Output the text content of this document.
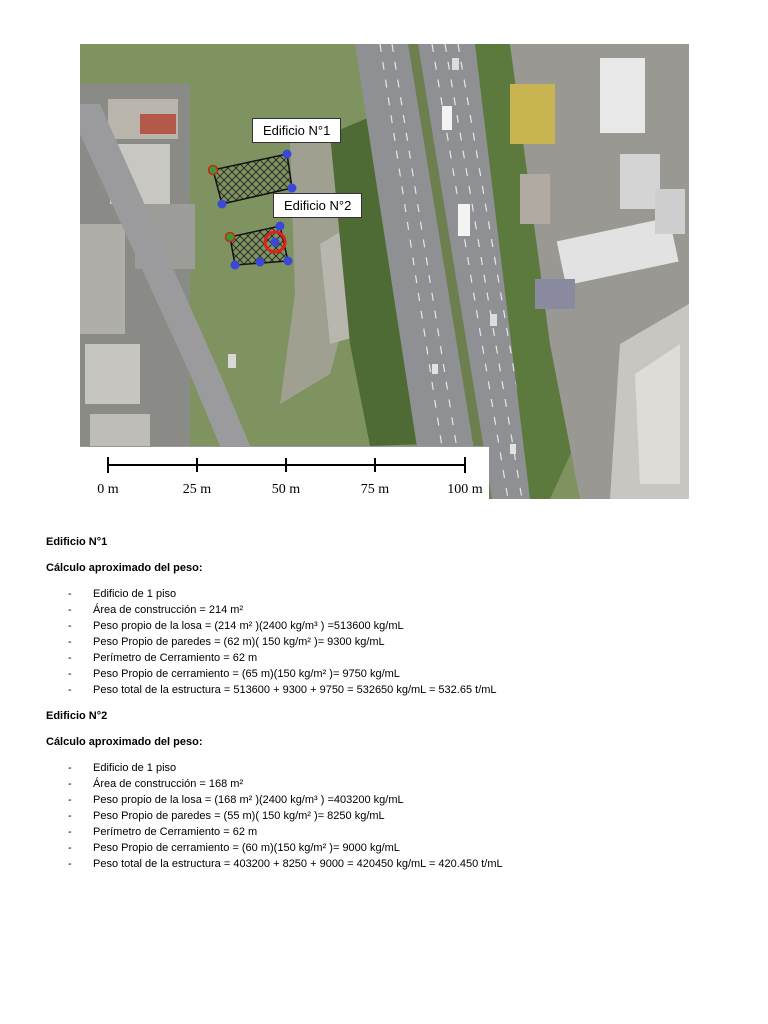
Edificio N°1
Edificio N°2
0 m	25 m	50 m	75 m	100 m
Edificio N°1
Cálculo aproximado del peso:
- Edificio de 1 piso
- Área de construcción = 214 m²
- Peso propio de la losa = (214 m² )(2400 kg/m³ ) =513600 kg/mL
- Peso Propio de paredes = (62 m)( 150 kg/m² )= 9300 kg/mL
- Perímetro de Cerramiento = 62 m
- Peso Propio de cerramiento = (65 m)(150 kg/m² )= 9750 kg/mL
- Peso total de la estructura = 513600 + 9300 + 9750 = 532650 kg/mL = 532.65 t/mL
Edificio N°2
Cálculo aproximado del peso:
- Edificio de 1 piso
- Área de construcción = 168 m²
- Peso propio de la losa = (168 m² )(2400 kg/m³ ) =403200 kg/mL
- Peso Propio de paredes = (55 m)( 150 kg/m² )= 8250 kg/mL
- Perímetro de Cerramiento = 62 m
- Peso Propio de cerramiento = (60 m)(150 kg/m² )= 9000 kg/mL
- Peso total de la estructura = 403200 + 8250 + 9000 = 420450 kg/mL = 420.450 t/mL
